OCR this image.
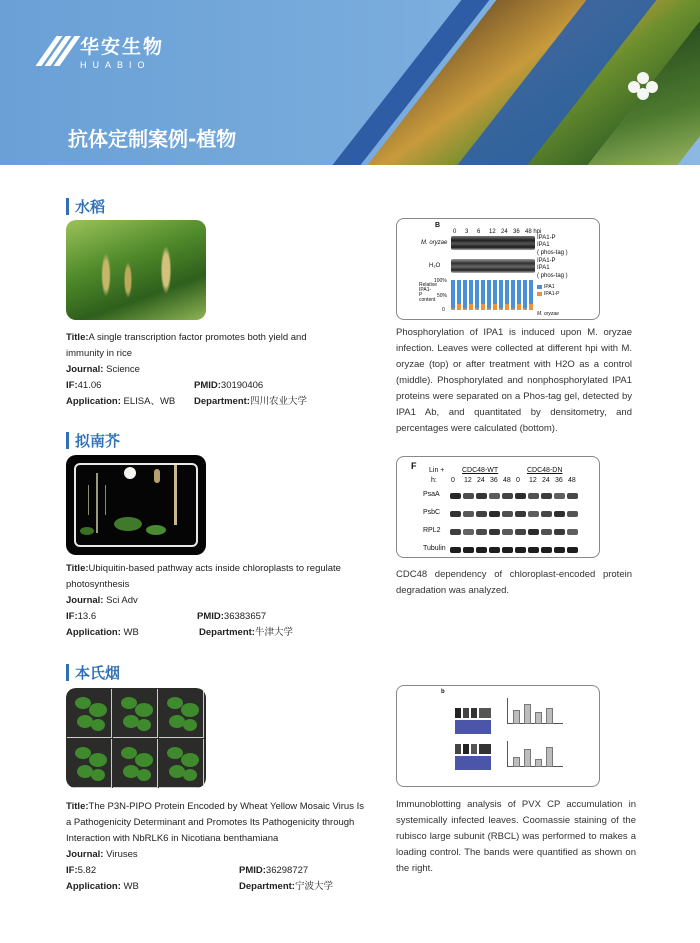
华安生物
HUABIO
抗体定制案例-植物
水稻
Title:A single transcription factor promotes both yield and immunity in rice
Journal: Science
IF:41.06	PMID:30190406
Application: ELISA、WB Department:四川农业大学
B
0 3 6 12 24 36 48 hpi
M. oryzae
IPA1-P
IPA1
( phos-tag )
H₂O
IPA1-P
IPA1
( phos-tag )
Relative IPA1-P content
100%
50%
0
IPA1
IPA1-P
M. oryzae
Phosphorylation of IPA1 is induced upon M. oryzae infection. Leaves were collected at different hpi with M. oryzae (top) or after treatment with H2O as a control (middle). Phosphorylated and nonphosphorylated IPA1 proteins were separated on a Phos-tag gel, detected by IPA1 Ab, and quantitated by densitometry, and percentages were calculated (bottom).
拟南芥
Title:Ubiquitin-based pathway acts inside chloroplasts to regulate photosynthesis
Journal: Sci Adv
IF:13.6	PMID:36383657
Application: WB	Department:牛津大学
F Lin +
h:
CDC48-WT	CDC48-DN
0 12 24 36 48 0 12 24 36 48
PsaA
PsbC
RPL2
Tubulin
CDC48 dependency of chloroplast-encoded protein degradation was analyzed.
本氏烟
Title:The P3N-PIPO Protein Encoded by Wheat Yellow Mosaic Virus Is a Pathogenicity Determinant and Promotes Its Pathogenicity through Interaction with NbRLK6 in Nicotiana benthamiana
Journal: Viruses
IF:5.82	PMID:36298727
Application: WB	Department:宁波大学
b
Immunoblotting analysis of PVX CP accumulation in systemically infected leaves. Coomassie staining of the rubisco large subunit (RBCL) was performed to makes a loading control. The bands were quantified as shown on the right.
